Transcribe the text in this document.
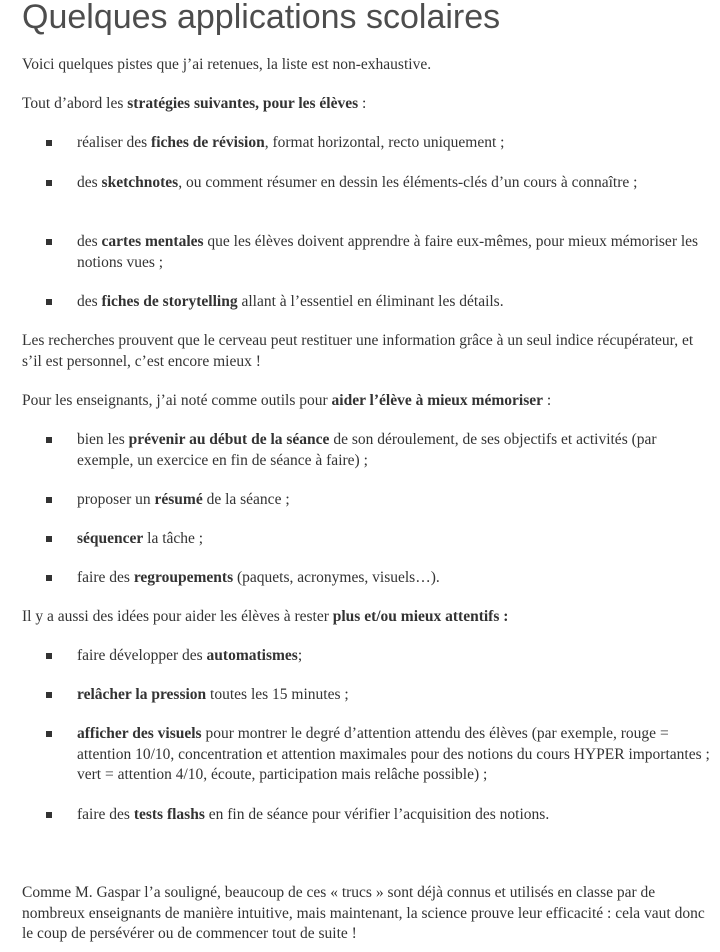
Quelques applications scolaires

Voici quelques pistes que j’ai retenues, la liste est non-exhaustive.

Tout d’abord les stratégies suivantes, pour les élèves :

réaliser des fiches de révision, format horizontal, recto uniquement ;
des sketchnotes, ou comment résumer en dessin les éléments-clés d’un cours à connaître ;
des cartes mentales que les élèves doivent apprendre à faire eux-mêmes, pour mieux mémoriser les notions vues ;
des fiches de storytelling allant à l’essentiel en éliminant les détails.

Les recherches prouvent que le cerveau peut restituer une information grâce à un seul indice récupérateur, et s’il est personnel, c’est encore mieux !

Pour les enseignants, j’ai noté comme outils pour aider l’élève à mieux mémoriser :

bien les prévenir au début de la séance de son déroulement, de ses objectifs et activités (par exemple, un exercice en fin de séance à faire) ;
proposer un résumé de la séance ;
séquencer la tâche ;
faire des regroupements (paquets, acronymes, visuels…).

Il y a aussi des idées pour aider les élèves à rester plus et/ou mieux attentifs :

faire développer des automatismes;
relâcher la pression toutes les 15 minutes ;
afficher des visuels pour montrer le degré d’attention attendu des élèves (par exemple, rouge = attention 10/10, concentration et attention maximales pour des notions du cours HYPER importantes ; vert = attention 4/10, écoute, participation mais relâche possible) ;
faire des tests flashs en fin de séance pour vérifier l’acquisition des notions.

Comme M. Gaspar l’a souligné, beaucoup de ces « trucs » sont déjà connus et utilisés en classe par de nombreux enseignants de manière intuitive, mais maintenant, la science prouve leur efficacité : cela vaut donc le coup de persévérer ou de commencer tout de suite !
